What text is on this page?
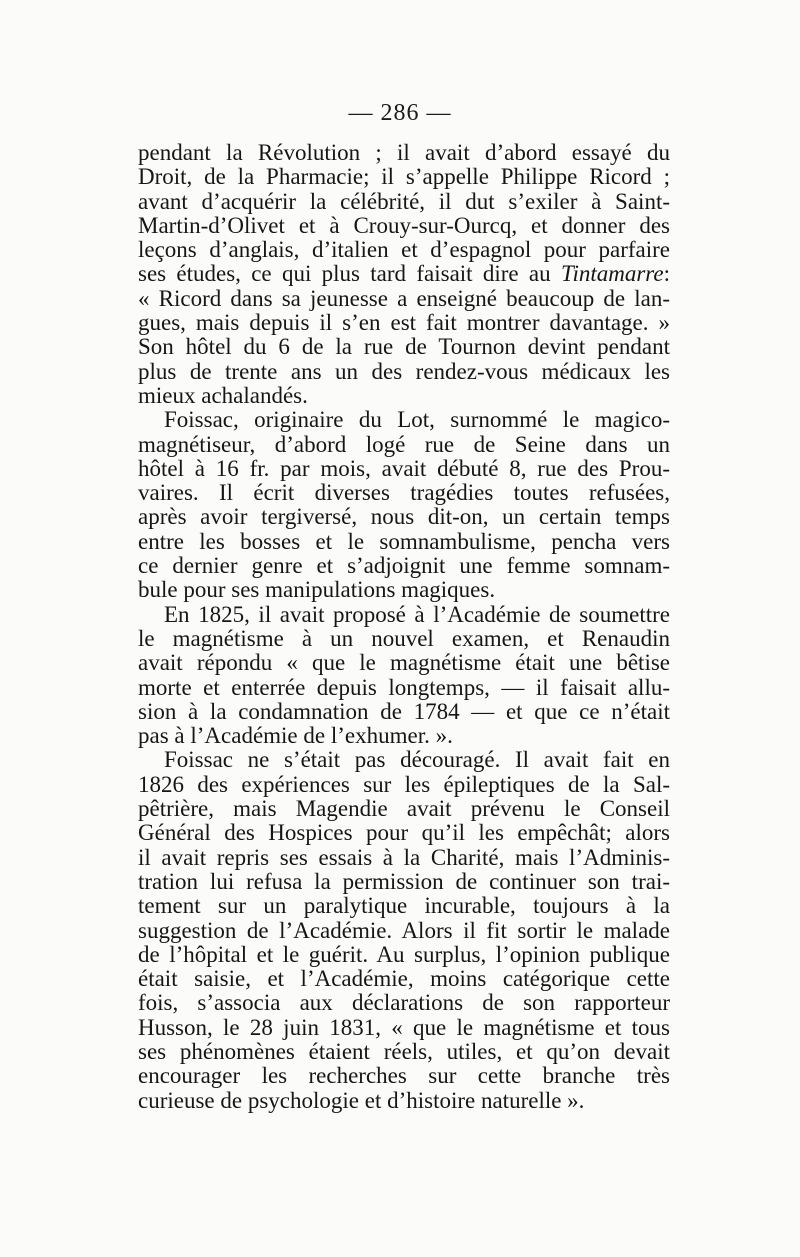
— 286 —
pendant la Révolution ; il avait d’abord essayé du
Droit, de la Pharmacie; il s’appelle Philippe Ricord ;
avant d’acquérir la célébrité, il dut s’exiler à Saint-
Martin-d’Olivet et à Crouy-sur-Ourcq, et donner des
leçons d’anglais, d’italien et d’espagnol pour parfaire
ses études, ce qui plus tard faisait dire au Tintamarre:
« Ricord dans sa jeunesse a enseigné beaucoup de lan-
gues, mais depuis il s’en est fait montrer davantage. »
Son hôtel du 6 de la rue de Tournon devint pendant
plus de trente ans un des rendez-vous médicaux les
mieux achalandés.
Foissac, originaire du Lot, surnommé le magico-
magnétiseur, d’abord logé rue de Seine dans un
hôtel à 16 fr. par mois, avait débuté 8, rue des Prou-
vaires. Il écrit diverses tragédies toutes refusées,
après avoir tergiversé, nous dit-on, un certain temps
entre les bosses et le somnambulisme, pencha vers
ce dernier genre et s’adjoignit une femme somnam-
bule pour ses manipulations magiques.
En 1825, il avait proposé à l’Académie de soumettre
le magnétisme à un nouvel examen, et Renaudin
avait répondu « que le magnétisme était une bêtise
morte et enterrée depuis longtemps, — il faisait allu-
sion à la condamnation de 1784 — et que ce n’était
pas à l’Académie de l’exhumer. ».
Foissac ne s’était pas découragé. Il avait fait en
1826 des expériences sur les épileptiques de la Sal-
pêtrière, mais Magendie avait prévenu le Conseil
Général des Hospices pour qu’il les empêchât; alors
il avait repris ses essais à la Charité, mais l’Adminis-
tration lui refusa la permission de continuer son trai-
tement sur un paralytique incurable, toujours à la
suggestion de l’Académie. Alors il fit sortir le malade
de l’hôpital et le guérit. Au surplus, l’opinion publique
était saisie, et l’Académie, moins catégorique cette
fois, s’associa aux déclarations de son rapporteur
Husson, le 28 juin 1831, « que le magnétisme et tous
ses phénomènes étaient réels, utiles, et qu’on devait
encourager les recherches sur cette branche très
curieuse de psychologie et d’histoire naturelle ».
